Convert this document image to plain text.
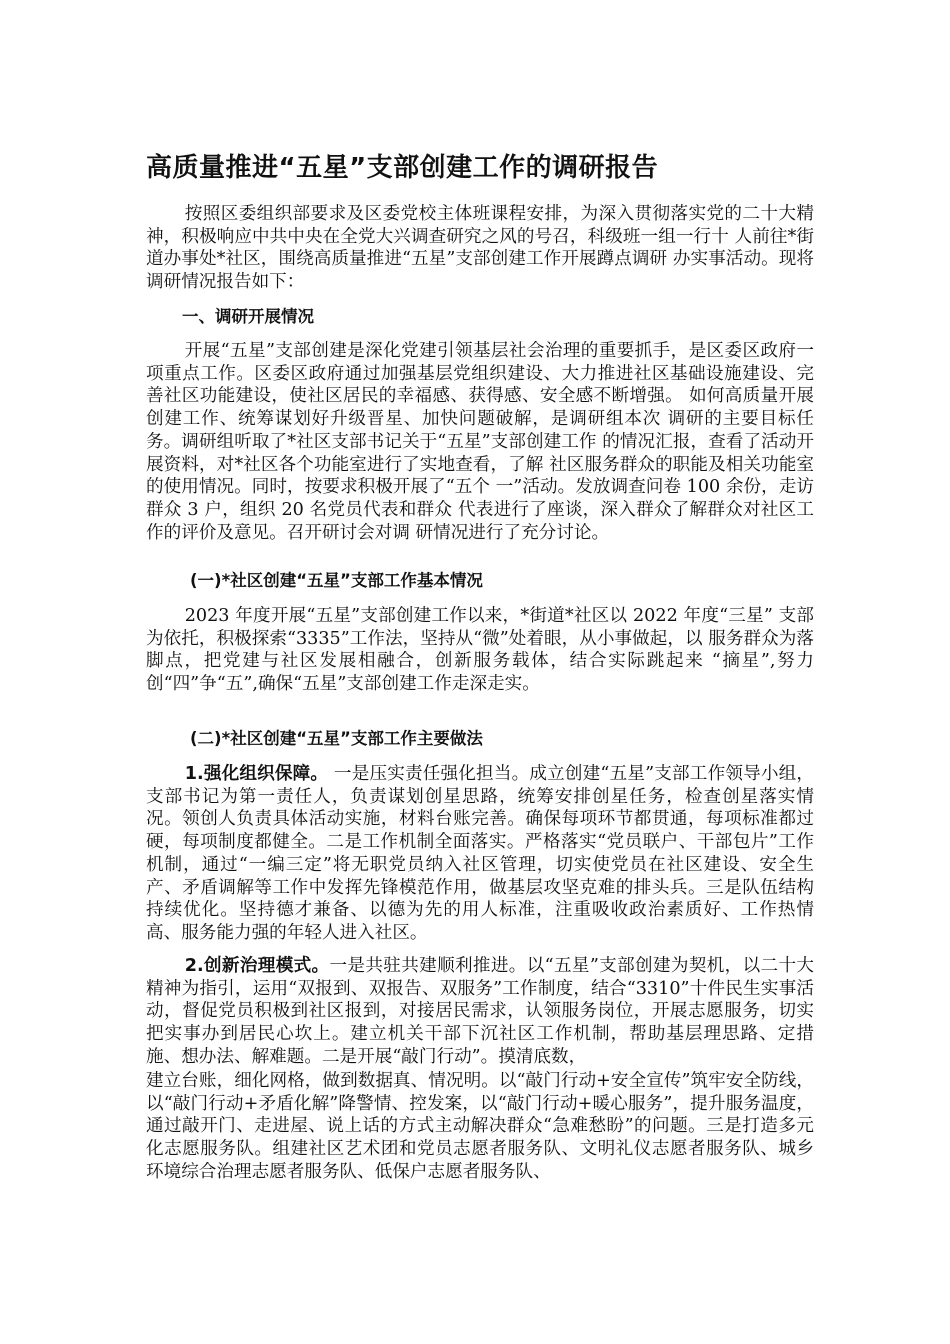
高质量推进“五星”支部创建工作的调研报告

按照区委组织部要求及区委党校主体班课程安排，为深入贯彻落实党的二十大精神，积极响应中共中央在全党大兴调查研究之风的号召，科级班一组一行十 人前往*街道办事处*社区，围绕高质量推进“五星”支部创建工作开展蹲点调研 办实事活动。现将调研情况报告如下：

一、调研开展情况

开展“五星”支部创建是深化党建引领基层社会治理的重要抓手，是区委区政府一项重点工作。区委区政府通过加强基层党组织建设、大力推进社区基础设施建设、完善社区功能建设，使社区居民的幸福感、获得感、安全感不断增强。 如何高质量开展创建工作、统筹谋划好升级晋星、加快问题破解，是调研组本次 调研的主要目标任务。调研组听取了*社区支部书记关于“五星”支部创建工作 的情况汇报，查看了活动开展资料，对*社区各个功能室进行了实地查看，了解 社区服务群众的职能及相关功能室的使用情况。同时，按要求积极开展了“五个 一”活动。发放调查问卷 100 余份，走访群众 3 户，组织 20 名党员代表和群众 代表进行了座谈，深入群众了解群众对社区工作的评价及意见。召开研讨会对调 研情况进行了充分讨论。

(一)*社区创建“五星”支部工作基本情况

2023 年度开展“五星”支部创建工作以来，*街道*社区以 2022 年度“三星” 支部为依托，积极探索“3335”工作法，坚持从“微”处着眼，从小事做起，以 服务群众为落脚点，把党建与社区发展相融合，创新服务载体，结合实际跳起来 “摘星”,努力创“四”争“五”,确保“五星”支部创建工作走深走实。

(二)*社区创建“五星”支部工作主要做法

1.强化组织保障。 一是压实责任强化担当。成立创建“五星”支部工作领导小组，支部书记为第一责任人，负责谋划创星思路，统筹安排创星任务，检查创星落实情况。领创人负责具体活动实施，材料台账完善。确保每项环节都贯通，每项标准都过硬，每项制度都健全。二是工作机制全面落实。严格落实“党员联户、干部包片”工作机制，通过“一编三定”将无职党员纳入社区管理，切实使党员在社区建设、安全生产、矛盾调解等工作中发挥先锋模范作用，做基层攻坚克难的排头兵。三是队伍结构持续优化。坚持德才兼备、以德为先的用人标准，注重吸收政治素质好、工作热情高、服务能力强的年轻人进入社区。

2.创新治理模式。一是共驻共建顺利推进。以“五星”支部创建为契机，以二十大精神为指引，运用“双报到、双报告、双服务”工作制度，结合“3310”十件民生实事活动，督促党员积极到社区报到，对接居民需求，认领服务岗位，开展志愿服务，切实把实事办到居民心坎上。建立机关干部下沉社区工作机制，帮助基层理思路、定措施、想办法、解难题。二是开展“敲门行动”。摸清底数，

建立台账，细化网格，做到数据真、情况明。以“敲门行动+安全宣传”筑牢安全防线，以“敲门行动+矛盾化解”降警情、控发案，以“敲门行动+暖心服务”，提升服务温度，通过敲开门、走进屋、说上话的方式主动解决群众“急难愁盼”的问题。三是打造多元化志愿服务队。组建社区艺术团和党员志愿者服务队、文明礼仪志愿者服务队、城乡环境综合治理志愿者服务队、低保户志愿者服务队、
